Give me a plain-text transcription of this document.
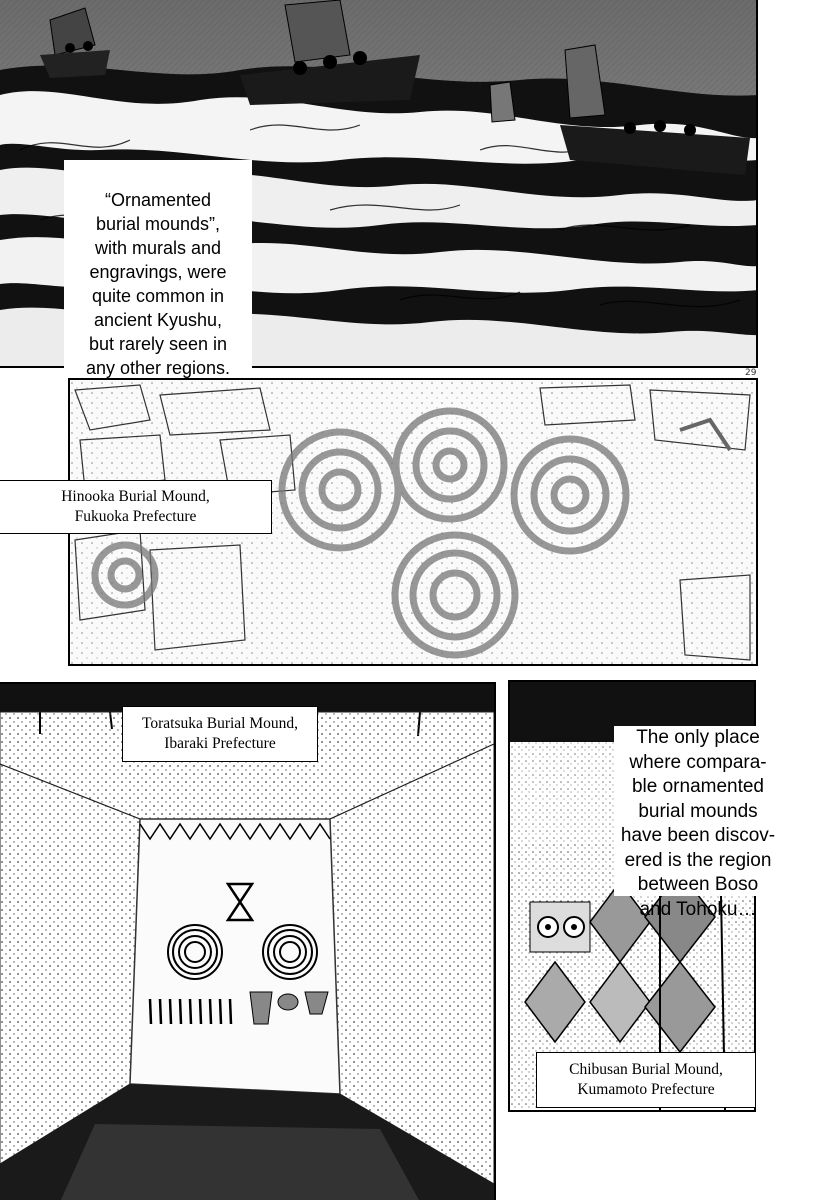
“Ornamented
burial mounds”,
with murals and
engravings, were
quite common in
ancient Kyushu,
but rarely seen in
any other regions.	29
Hinooka Burial Mound,
Fukuoka Prefecture
Toratsuka Burial Mound,
Ibaraki Prefecture	The only place
where compara-
ble ornamented
burial mounds
have been discov-
ered is the region
between Boso
and Tohoku…
Chibusan Burial Mound,
Kumamoto Prefecture
